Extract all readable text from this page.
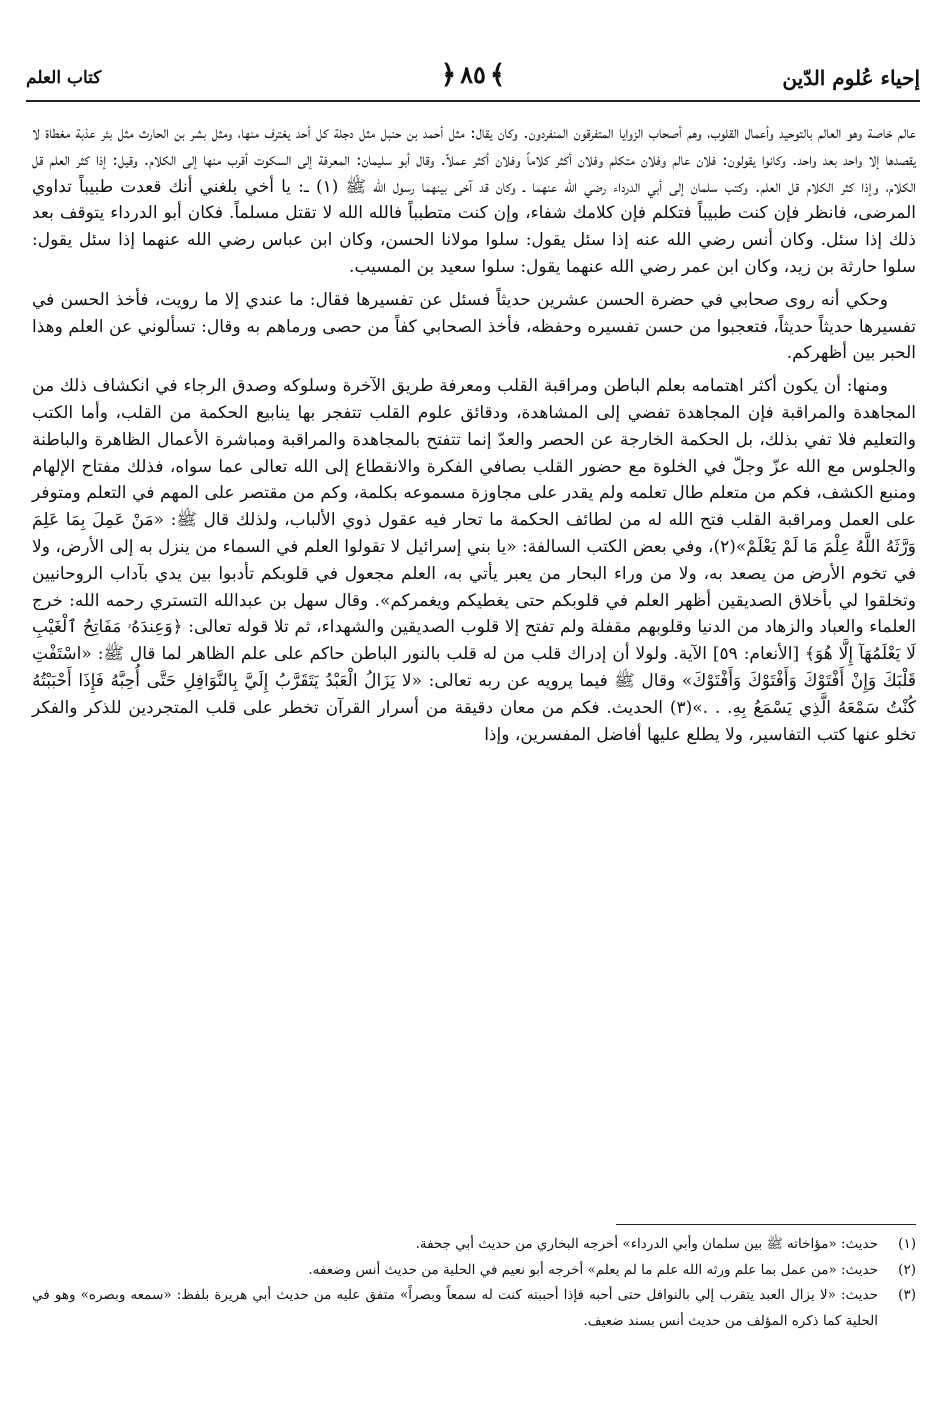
إحياء عُلوم الدّين
كتاب العلم	﴾
٨٥
﴿

عالم خاصة وهو العالم بالتوحيد وأعمال القلوب، وهم أصحاب الزوايا المتفرقون المنفردون. وكان يقال: مثل أحمد بن حنبل مثل دجلة كل أحد يغترف منها، ومثل بشر بن الحارث مثل بئر عذبة مغطاة لا يقصدها إلا واحد بعد واحد. وكانوا يقولون: فلان عالم وفلان متكلم وفلان أكثر كلاماً وفلان أكثر عملاً. وقال أبو سليمان: المعرفة إلى السكوت أقرب منها إلى الكلام. وقيل: إذا كثر العلم قل الكلام، وإذا كثر الكلام قل العلم. وكتب سلمان إلى أبي الدرداء رضي الله عنهما ـ وكان قد آخى بينهما رسول الله ﷺ (١) ـ: يا أخي بلغني أنك قعدت طبيباً تداوي المرضى، فانظر فإن كنت طبيباً فتكلم فإن كلامك شفاء، وإن كنت متطبباً فالله الله لا تقتل مسلماً. فكان أبو الدرداء يتوقف بعد ذلك إذا سئل. وكان أنس رضي الله عنه إذا سئل يقول: سلوا مولانا الحسن، وكان ابن عباس رضي الله عنهما إذا سئل يقول: سلوا حارثة بن زيد، وكان ابن عمر رضي الله عنهما يقول: سلوا سعيد بن المسيب.

وحكي أنه روى صحابي في حضرة الحسن عشرين حديثاً فسئل عن تفسيرها فقال: ما عندي إلا ما رويت، فأخذ الحسن في تفسيرها حديثاً حديثاً، فتعجبوا من حسن تفسيره وحفظه، فأخذ الصحابي كفاً من حصى ورماهم به وقال: تسألوني عن العلم وهذا الحبر بين أظهركم.

ومنها: أن يكون أكثر اهتمامه بعلم الباطن ومراقبة القلب ومعرفة طريق الآخرة وسلوكه وصدق الرجاء في انكشاف ذلك من المجاهدة والمراقبة فإن المجاهدة تفضي إلى المشاهدة، ودقائق علوم القلب تتفجر بها ينابيع الحكمة من القلب، وأما الكتب والتعليم فلا تفي بذلك، بل الحكمة الخارجة عن الحصر والعدّ إنما تتفتح بالمجاهدة والمراقبة ومباشرة الأعمال الظاهرة والباطنة والجلوس مع الله عزّ وجلّ في الخلوة مع حضور القلب بصافي الفكرة والانقطاع إلى الله تعالى عما سواه، فذلك مفتاح الإلهام ومنبع الكشف، فكم من متعلم طال تعلمه ولم يقدر على مجاوزة مسموعه بكلمة، وكم من مقتصر على المهم في التعلم ومتوفر على العمل ومراقبة القلب فتح الله له من لطائف الحكمة ما تحار فيه عقول ذوي الألباب، ولذلك قال ﷺ: «مَنْ عَمِلَ بِمَا عَلِمَ وَرَّثَهُ اللَّهُ عِلْمَ مَا لَمْ يَعْلَمْ»(٢)، وفي بعض الكتب السالفة: «يا بني إسرائيل لا تقولوا العلم في السماء من ينزل به إلى الأرض، ولا في تخوم الأرض من يصعد به، ولا من وراء البحار من يعبر يأتي به، العلم مجعول في قلوبكم تأدبوا بين يدي بآداب الروحانيين وتخلقوا لي بأخلاق الصديقين أظهر العلم في قلوبكم حتى يغطيكم ويغمركم». وقال سهل بن عبدالله التستري رحمه الله: خرج العلماء والعباد والزهاد من الدنيا وقلوبهم مقفلة ولم تفتح إلا قلوب الصديقين والشهداء، ثم تلا قوله تعالى: ﴿وَعِندَهُۥ مَفَاتِحُ ٱلْغَيْبِ لَا يَعْلَمُهَآ إِلَّا هُوَ﴾ [الأنعام: ٥٩] الآية. ولولا أن إدراك قلب من له قلب بالنور الباطن حاكم على علم الظاهر لما قال ﷺ: «اسْتَفْتِ قَلْبَكَ وَإِنْ أَفْتَوْكَ وَأَفْتَوْكَ وَأَفْتَوْكَ» وقال ﷺ فيما يرويه عن ربه تعالى: «لا يَزَالُ الْعَبْدُ يَتَقَرَّبُ إِلَيَّ بِالنَّوَافِلِ حَتَّى أُحِبَّهُ فَإِذَا أَحْبَبْتُهُ كُنْتُ سَمْعَهُ الَّذِي يَسْمَعُ بِهِ. . .»(٣) الحديث. فكم من معان دقيقة من أسرار القرآن تخطر على قلب المتجردين للذكر والفكر تخلو عنها كتب التفاسير، ولا يطلع عليها أفاضل المفسرين، وإذا

(١)
حديث: «مؤاخاته ﷺ بين سلمان وأبي الدرداء» أخرجه البخاري من حديث أبي جحفة.
(٢)
حديث: «من عمل بما علم ورثه الله علم ما لم يعلم» أخرجه أبو نعيم في الحلية من حديث أنس وضعفه.
(٣)
حديث: «لا يزال العبد يتقرب إلي بالنوافل حتى أحبه فإذا أحببته كنت له سمعاً وبصراً» متفق عليه من حديث أبي هريرة بلفظ: «سمعه وبصره» وهو في الحلية كما ذكره المؤلف من حديث أنس بسند ضعيف.
